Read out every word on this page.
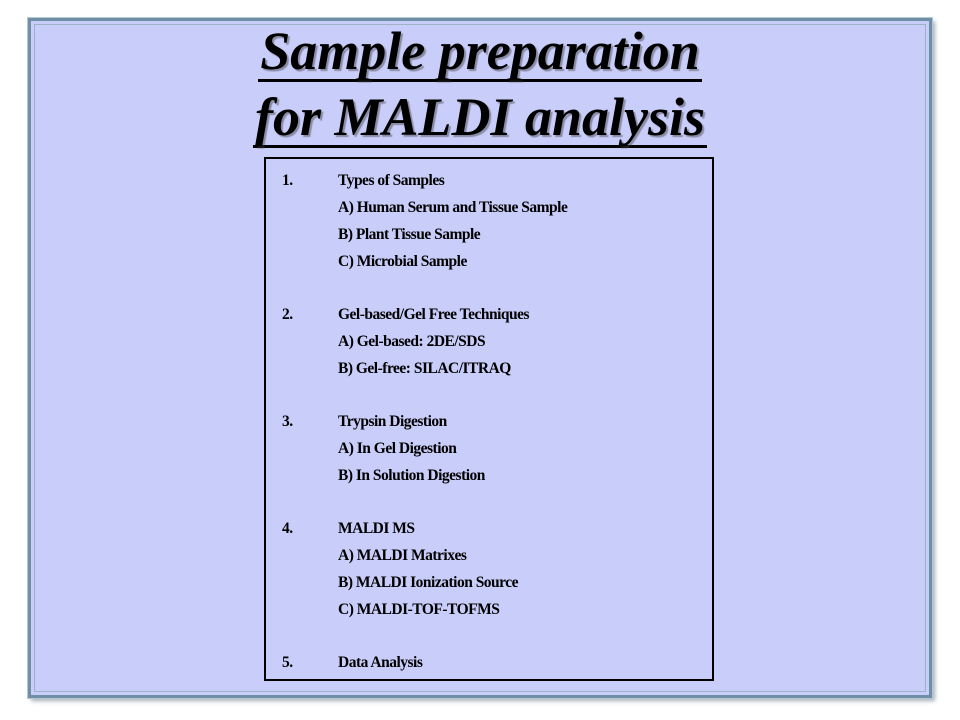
Sample preparation
for MALDI analysis
1.	Types of Samples
A) Human Serum and Tissue Sample
B) Plant Tissue Sample
C) Microbial Sample
2.	Gel-based/Gel Free Techniques
A) Gel-based: 2DE/SDS
B) Gel-free: SILAC/ITRAQ
3.	Trypsin Digestion
A) In Gel Digestion
B) In Solution Digestion
4.	MALDI MS
A) MALDI Matrixes
B) MALDI Ionization Source
C) MALDI-TOF-TOFMS
5.	Data Analysis
